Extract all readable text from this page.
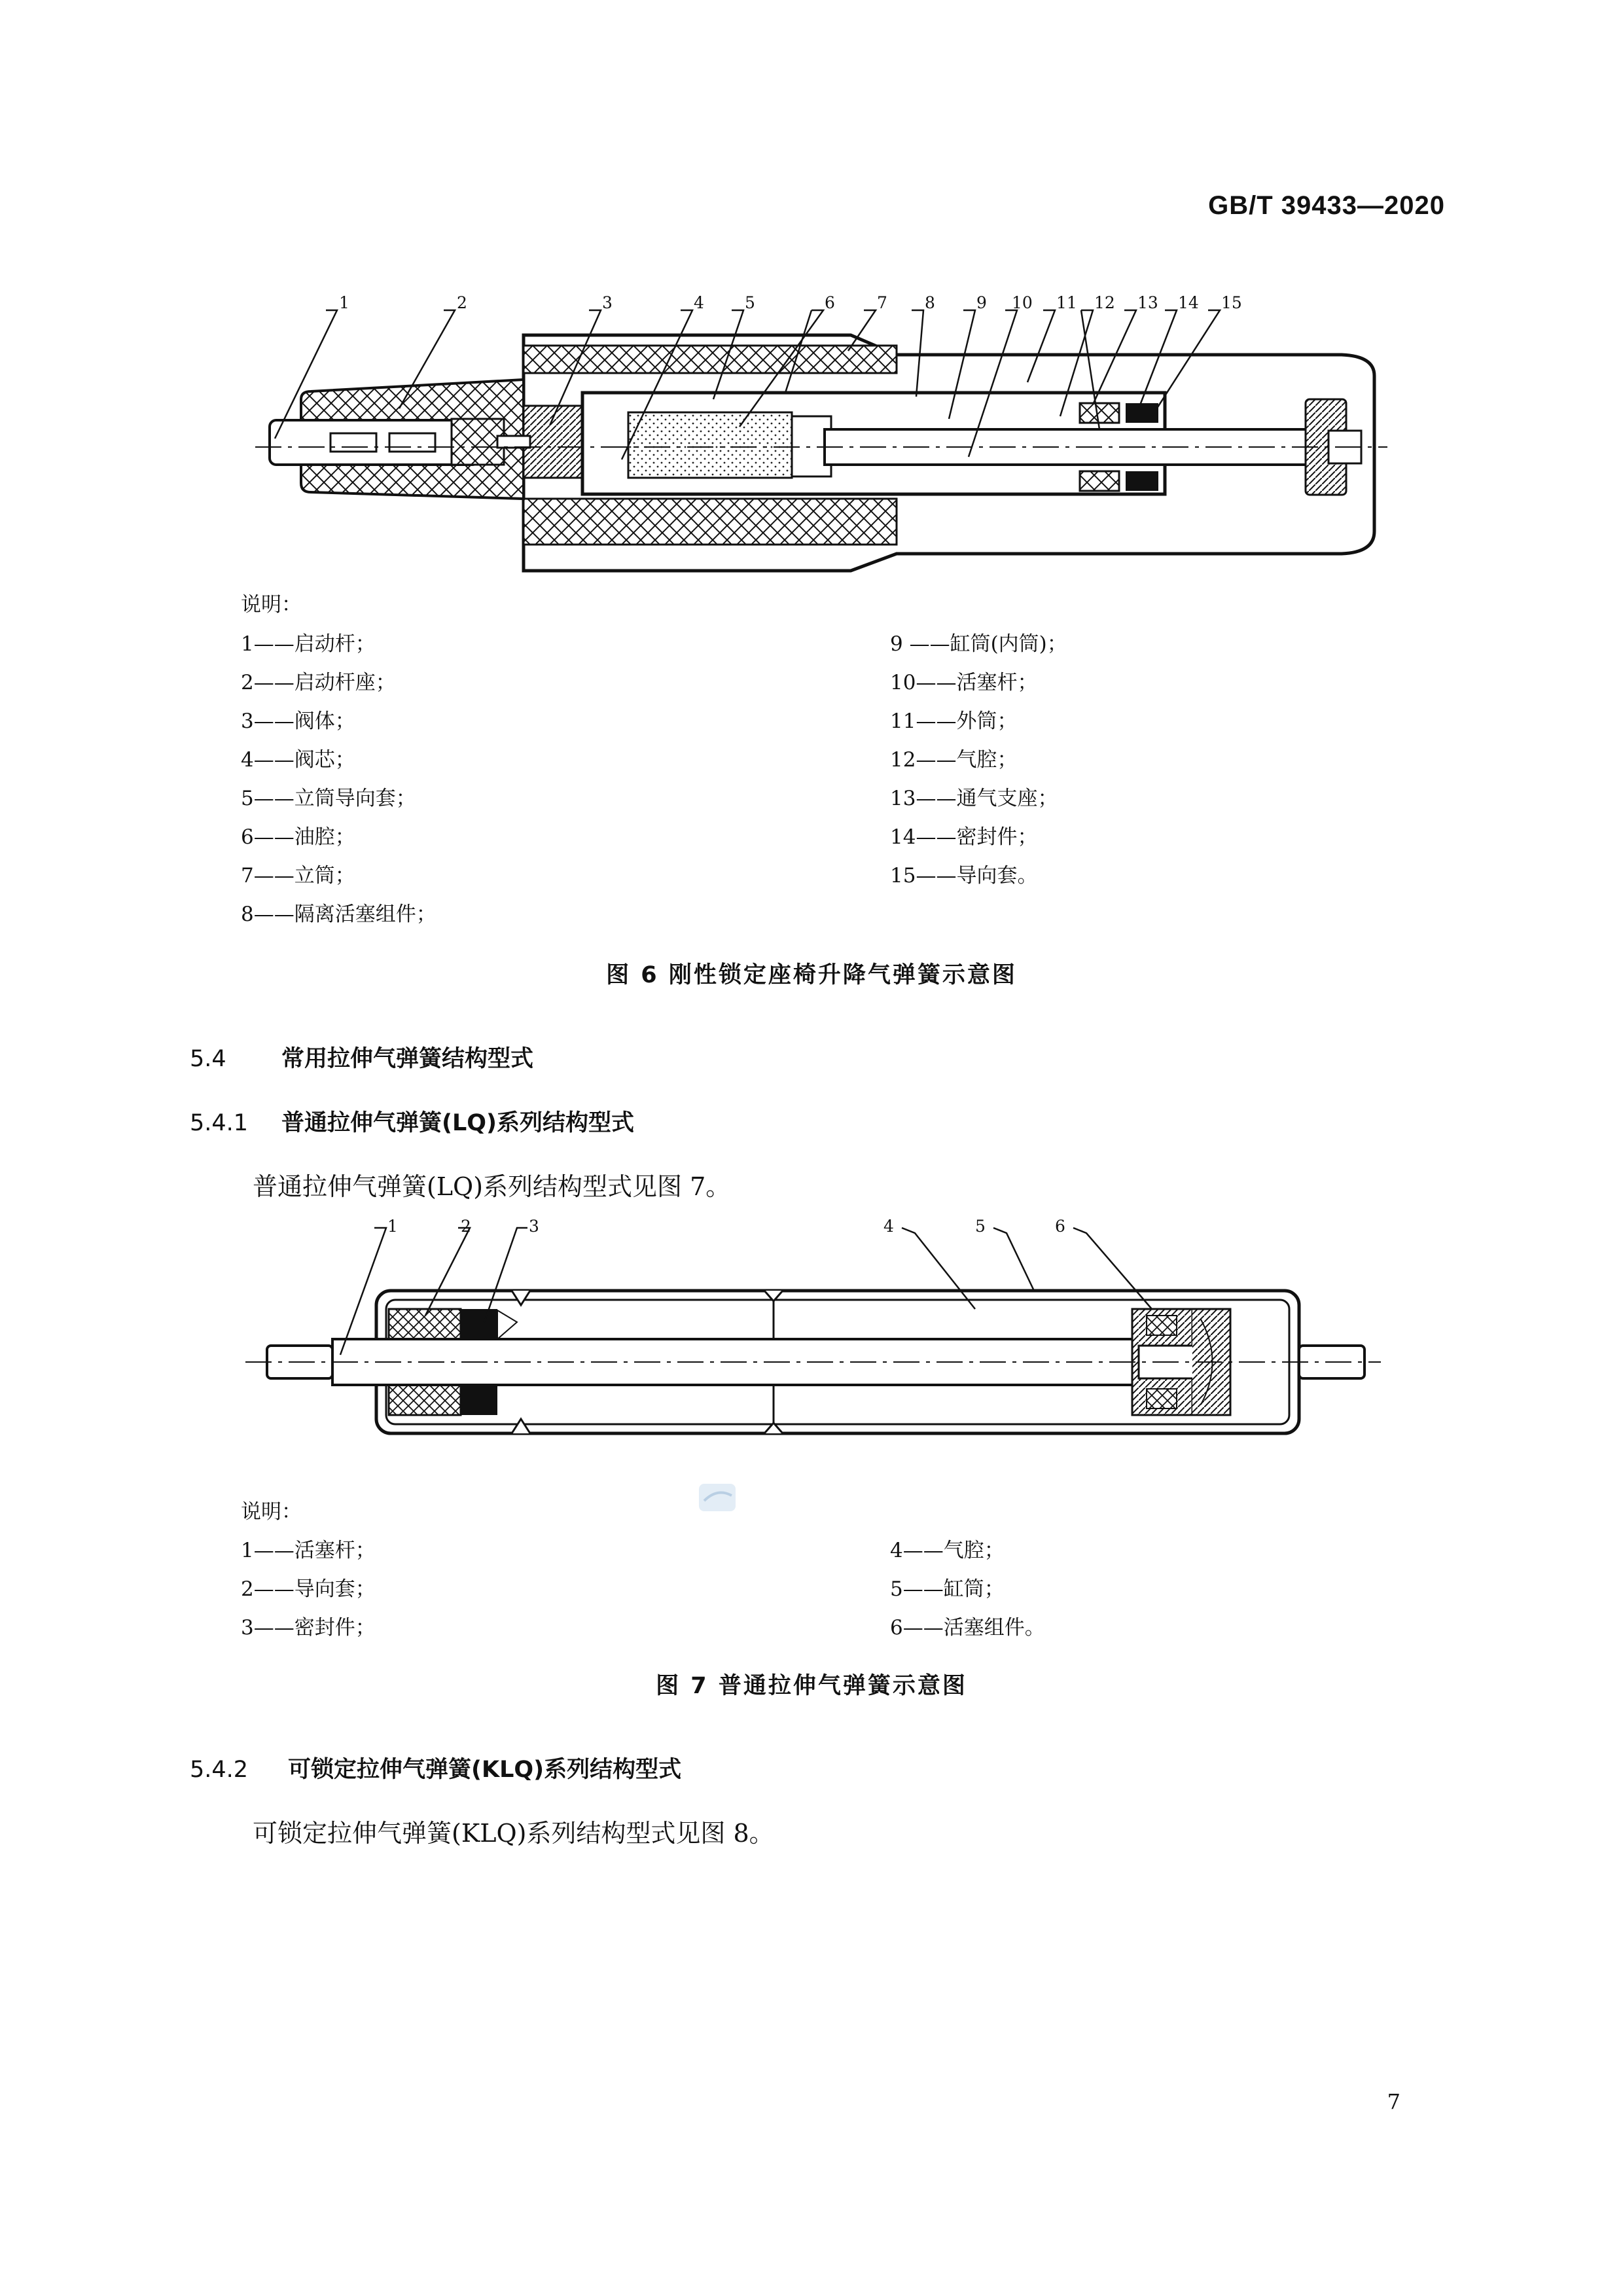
GB/T 39433—2020
1	2	3	4 5	6	7 8	9 10 11 12 13 14 15
说明：
1——启动杆；
2——启动杆座；
3——阀体；
4——阀芯；
5——立筒导向套；
6——油腔；
7——立筒；
8——隔离活塞组件；
9 ——缸筒(内筒)；
10——活塞杆；
11——外筒；
12——气腔；
13——通气支座；
14——密封件；
15——导向套。
图 6 刚性锁定座椅升降气弹簧示意图
5.4 常用拉伸气弹簧结构型式
5.4.1 普通拉伸气弹簧(LQ)系列结构型式
普通拉伸气弹簧(LQ)系列结构型式见图 7。
1	2	3	4	5	6
说明：
1——活塞杆；
2——导向套；
3——密封件；
4——气腔；
5——缸筒；
6——活塞组件。
图 7 普通拉伸气弹簧示意图
5.4.2 可锁定拉伸气弹簧(KLQ)系列结构型式
可锁定拉伸气弹簧(KLQ)系列结构型式见图 8。
7
